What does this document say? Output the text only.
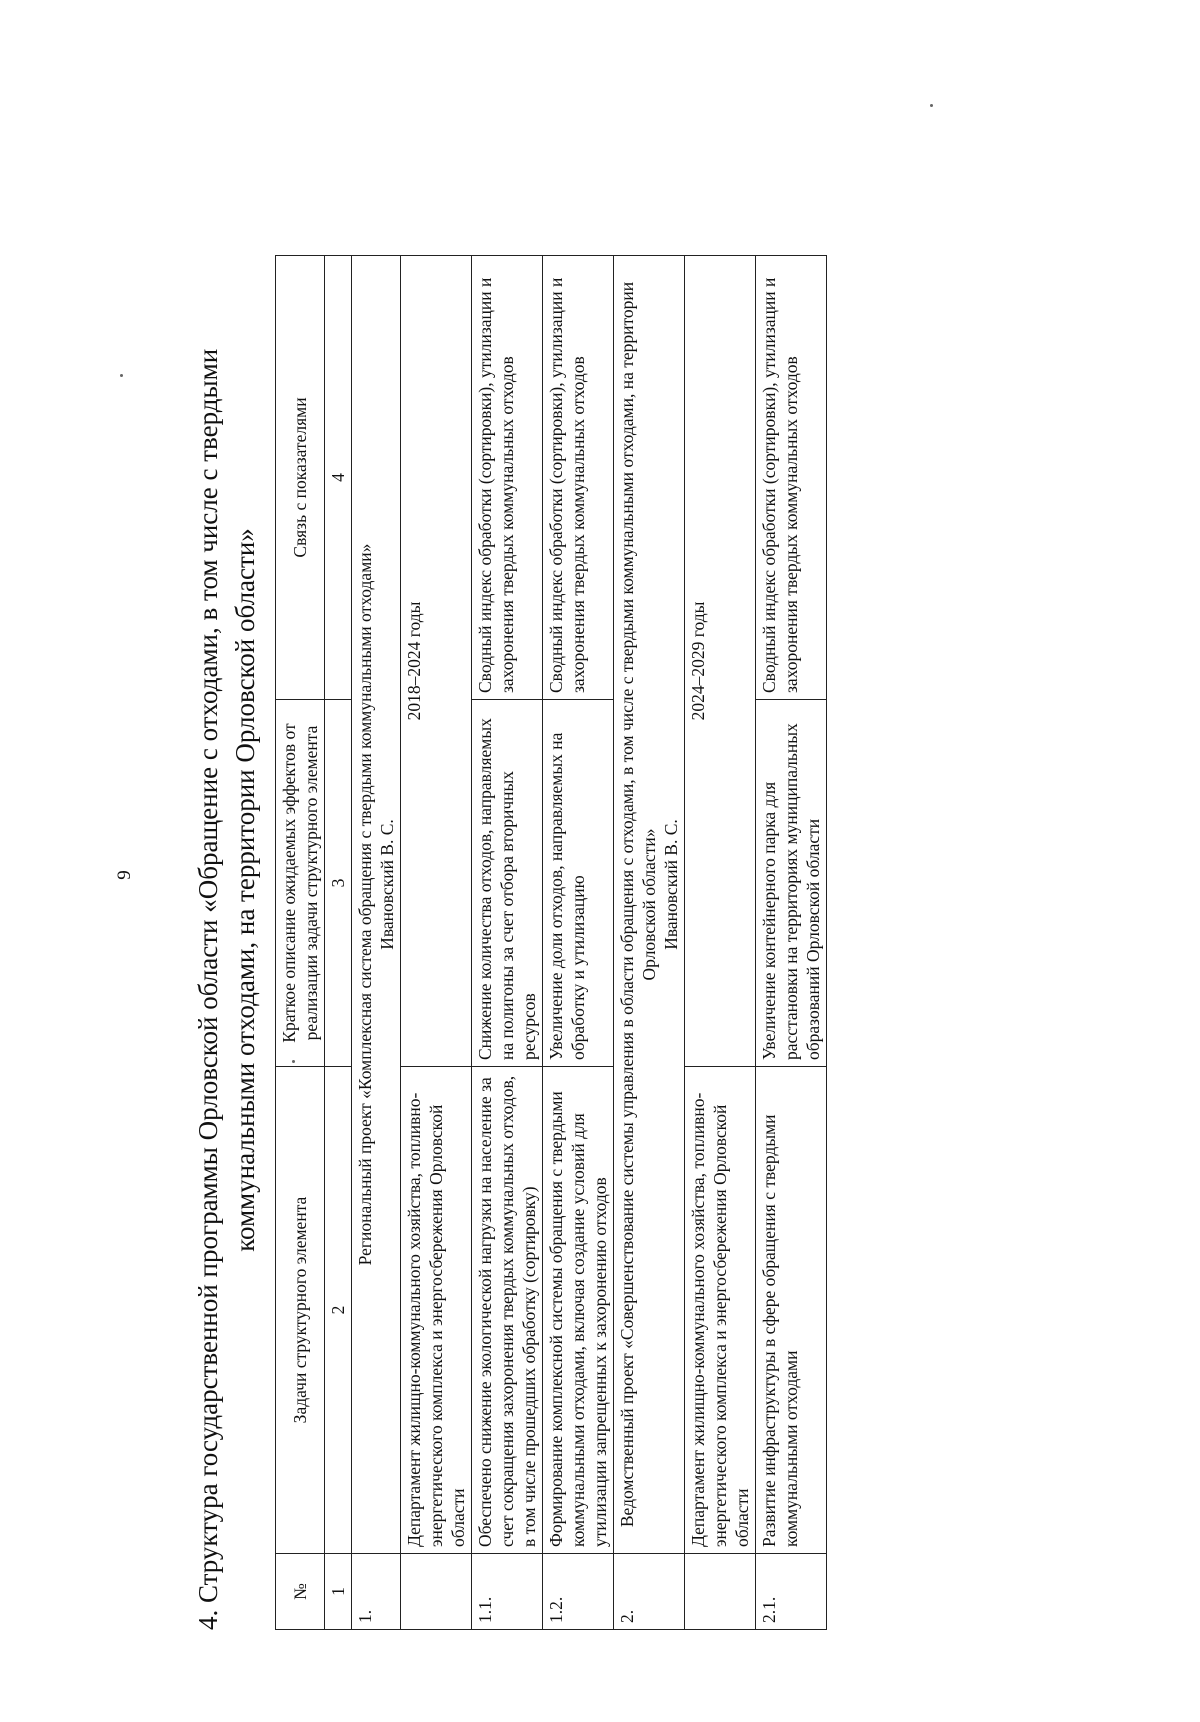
9 4. Структура государственной программы Орловской области «Обращение с отходами, в том числе с твердыми коммунальными отходами, на территории Орловской области»
№	Задачи структурного элемента	Краткое описание ожидаемых эффектов от реализации задачи структурного элемента	Связь с показателями
1	2	3	4
1.	Региональный проект «Комплексная система обращения с твердыми коммунальными отходами» Ивановский В. С.		

	Департамент жилищно-коммунального хозяйства, топливно-энергетического комплекса и энергосбережения Орловской области	2018–2024 годы	
1.1.	Обеспечено снижение экологической нагрузки на население за счет сокращения захоронения твердых коммунальных отходов, в том числе прошедших обработку (сортировку)	Снижение количества отходов, направляемых на полигоны за счет отбора вторичных ресурсов	Сводный индекс обработки (сортировки), утилизации и захоронения твердых коммунальных отходов
1.2.	Формирование комплексной системы обращения с твердыми коммунальными отходами, включая создание условий для утилизации запрещенных к захоронению отходов	Увеличение доли отходов, направляемых на обработку и утилизацию	Сводный индекс обработки (сортировки), утилизации и захоронения твердых коммунальных отходов
2.	Ведомственный проект «Совершенствование системы управления в области обращения с отходами, в том числе с твердыми коммунальными отходами, на территории Орловской области» Ивановский В. С.		

	Департамент жилищно-коммунального хозяйства, топливно-энергетического комплекса и энергосбережения Орловской области	2024–2029 годы	
2.1.	Развитие инфраструктуры в сфере обращения с твердыми коммунальными отходами	Увеличение контейнерного парка для расстановки на территориях муниципальных образований Орловской области	Сводный индекс обработки (сортировки), утилизации и захоронения твердых коммунальных отходов
